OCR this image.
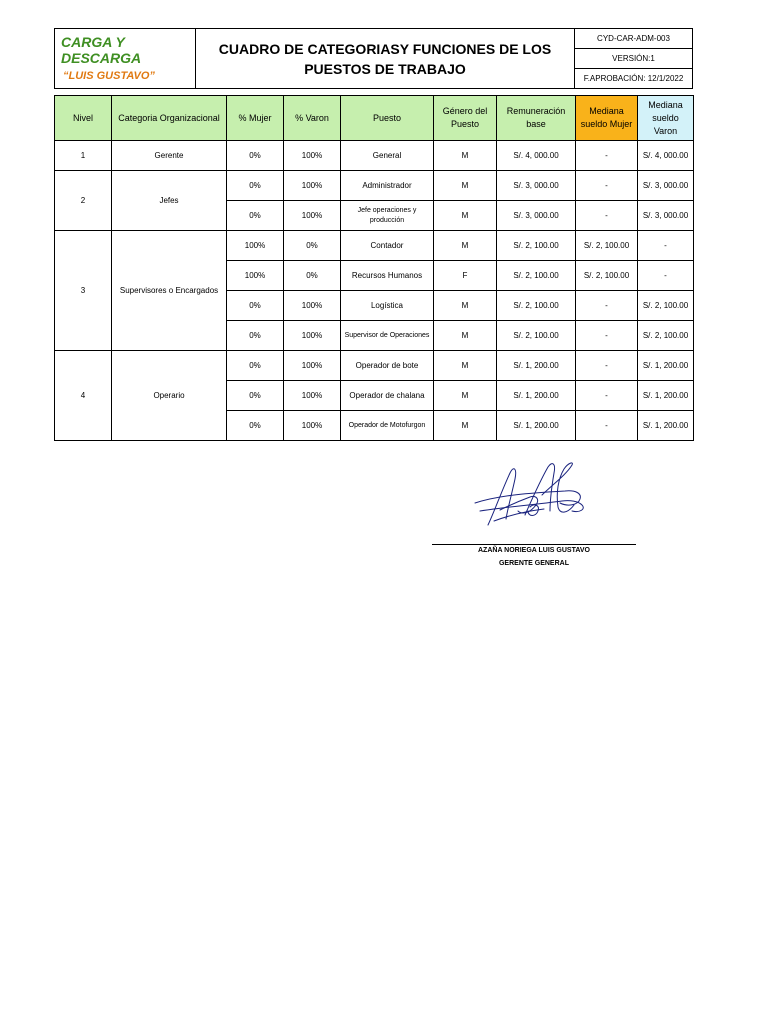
CARGA Y DESCARGA
“LUIS GUSTAVO”
	CUADRO DE CATEGORIASY FUNCIONES DE LOS PUESTOS DE TRABAJO	CYD-CAR-ADM-003
VERSIÓN:1
F.APROBACIÓN: 12/1/2022
Nivel	Categoria Organizacional	% Mujer	% Varon	Puesto	Género del Puesto	Remuneración base	Mediana sueldo Mujer	Mediana sueldo Varon
1	Gerente	0%	100%	General	M	S/. 4, 000.00	-	S/. 4, 000.00
2	Jefes	0%	100%	Administrador	M	S/. 3, 000.00	-	S/. 3, 000.00
		0%	100%	Jefe operaciones y producción	M	S/. 3, 000.00	-	S/. 3, 000.00
3	Supervisores o Encargados	100%	0%	Contador	M	S/. 2, 100.00	S/. 2, 100.00	-
		100%	0%	Recursos Humanos	F	S/. 2, 100.00	S/. 2, 100.00	-
		0%	100%	Logística	M	S/. 2, 100.00	-	S/. 2, 100.00
		0%	100%	Supervisor de Operaciones	M	S/. 2, 100.00	-	S/. 2, 100.00
4	Operario	0%	100%	Operador de bote	M	S/. 1, 200.00	-	S/. 1, 200.00
		0%	100%	Operador de chalana	M	S/. 1, 200.00	-	S/. 1, 200.00
		0%	100%	Operador de Motofurgon	M	S/. 1, 200.00	-	S/. 1, 200.00
AZAÑA NORIEGA LUIS GUSTAVO
GERENTE GENERAL
